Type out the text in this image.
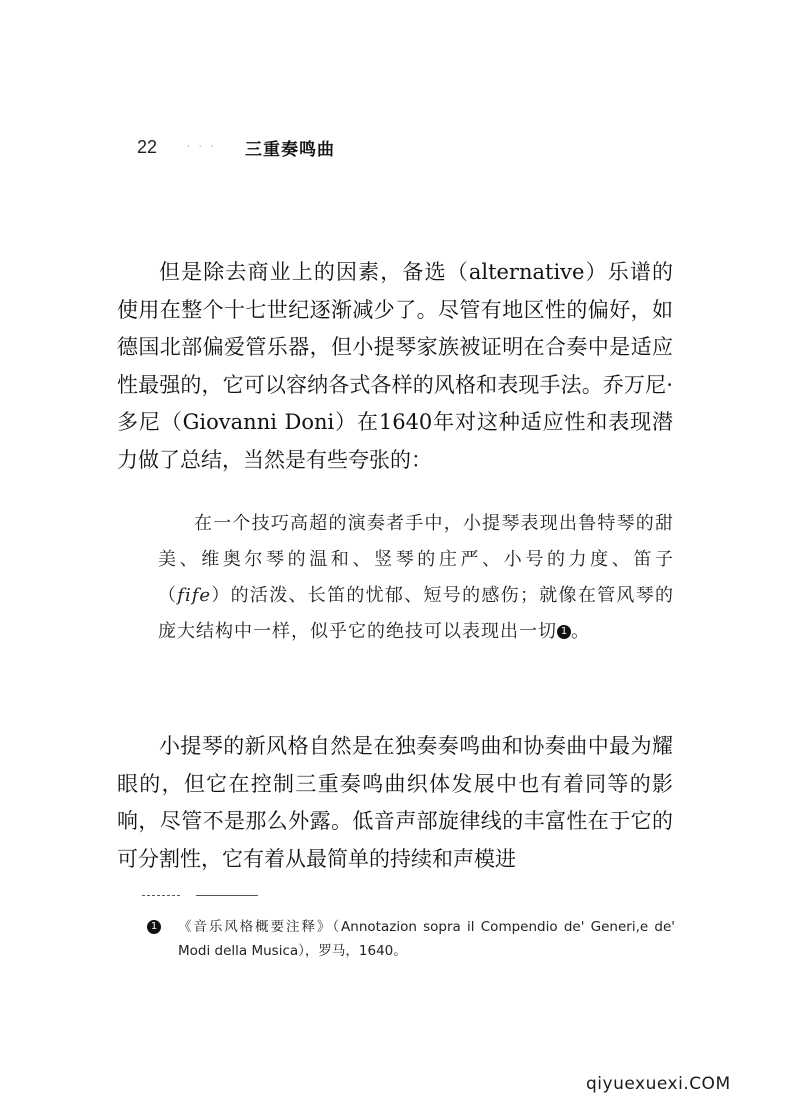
22	· · ·	三重奏鸣曲

但是除去商业上的因素，备选（alternative）乐谱的使用在整个十七世纪逐渐减少了。尽管有地区性的偏好，如德国北部偏爱管乐器，但小提琴家族被证明在合奏中是适应性最强的，它可以容纳各式各样的风格和表现手法。乔万尼·多尼（Giovanni Doni）在1640年对这种适应性和表现潜力做了总结，当然是有些夸张的：

在一个技巧高超的演奏者手中，小提琴表现出鲁特琴的甜美、维奥尔琴的温和、竖琴的庄严、小号的力度、笛子（fife）的活泼、长笛的忧郁、短号的感伤；就像在管风琴的庞大结构中一样，似乎它的绝技可以表现出一切 1 。

小提琴的新风格自然是在独奏奏鸣曲和协奏曲中最为耀眼的，但它在控制三重奏鸣曲织体发展中也有着同等的影响，尽管不是那么外露。低音声部旋律线的丰富性在于它的可分割性，它有着从最简单的持续和声模进

1 《音乐风格概要注释》（Annotazion sopra il Compendio de' Generi,e de' Modi della Musica），罗马，1640。
qiyuexuexi.COM
